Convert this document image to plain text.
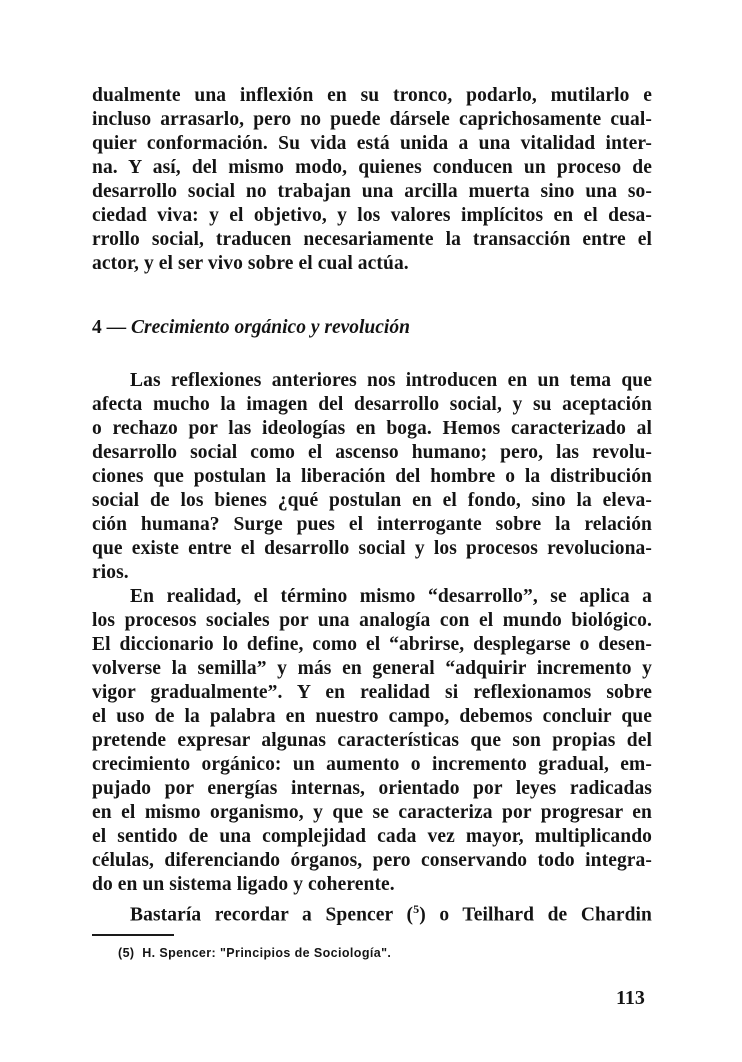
dualmente una inflexión en su tronco, podarlo, mutilarlo e
incluso arrasarlo, pero no puede dársele caprichosamente cual-
quier conformación. Su vida está unida a una vitalidad inter-
na. Y así, del mismo modo, quienes conducen un proceso de
desarrollo social no trabajan una arcilla muerta sino una so-
ciedad viva: y el objetivo, y los valores implícitos en el desa-
rrollo social, traducen necesariamente la transacción entre el
actor, y el ser vivo sobre el cual actúa.
4 — Crecimiento orgánico y revolución
Las reflexiones anteriores nos introducen en un tema que
afecta mucho la imagen del desarrollo social, y su aceptación
o rechazo por las ideologías en boga. Hemos caracterizado al
desarrollo social como el ascenso humano; pero, las revolu-
ciones que postulan la liberación del hombre o la distribución
social de los bienes ¿qué postulan en el fondo, sino la eleva-
ción humana? Surge pues el interrogante sobre la relación
que existe entre el desarrollo social y los procesos revoluciona-
rios.
En realidad, el término mismo “desarrollo”, se aplica a
los procesos sociales por una analogía con el mundo biológico.
El diccionario lo define, como el “abrirse, desplegarse o desen-
volverse la semilla” y más en general “adquirir incremento y
vigor gradualmente”. Y en realidad si reflexionamos sobre
el uso de la palabra en nuestro campo, debemos concluir que
pretende expresar algunas características que son propias del
crecimiento orgánico: un aumento o incremento gradual, em-
pujado por energías internas, orientado por leyes radicadas
en el mismo organismo, y que se caracteriza por progresar en
el sentido de una complejidad cada vez mayor, multiplicando
células, diferenciando órganos, pero conservando todo integra-
do en un sistema ligado y coherente.
Bastaría recordar a Spencer ($^5$) o Teilhard de Chardin
(5) H. Spencer: "Principios de Sociología".
113
